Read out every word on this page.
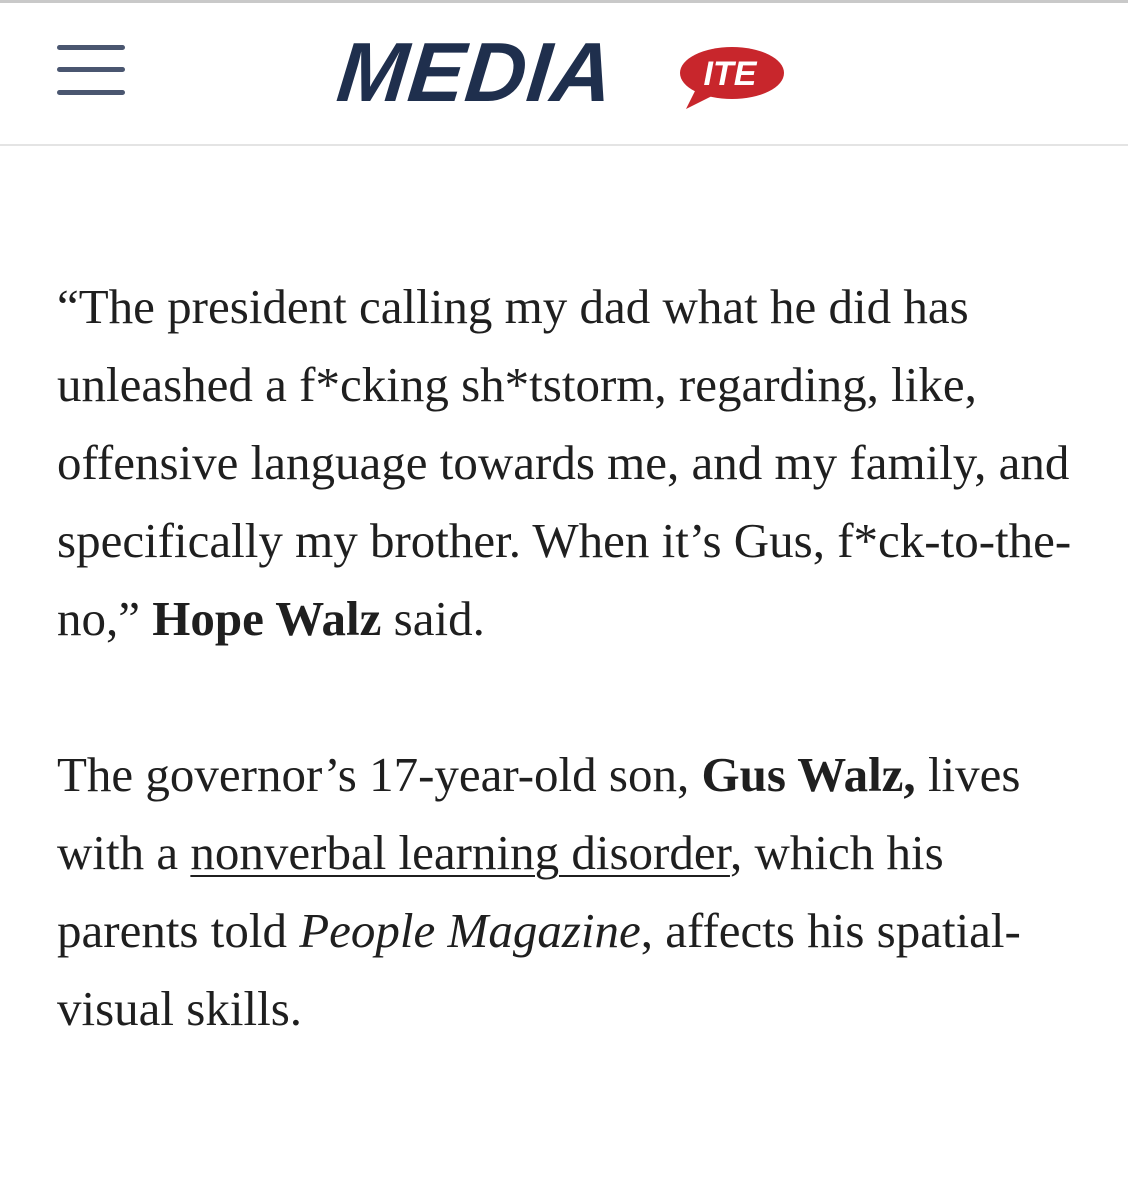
MEDIA	ITE

“The president calling my dad what he did has unleashed a f*cking sh*tstorm, regarding, like, offensive language towards me, and my family, and specifically my brother. When it’s Gus, f*ck-to-the-no,” Hope Walz said.

The governor’s 17-year-old son, Gus Walz, lives with a nonverbal learning disorder, which his parents told People Magazine, affects his spatial-visual skills.
